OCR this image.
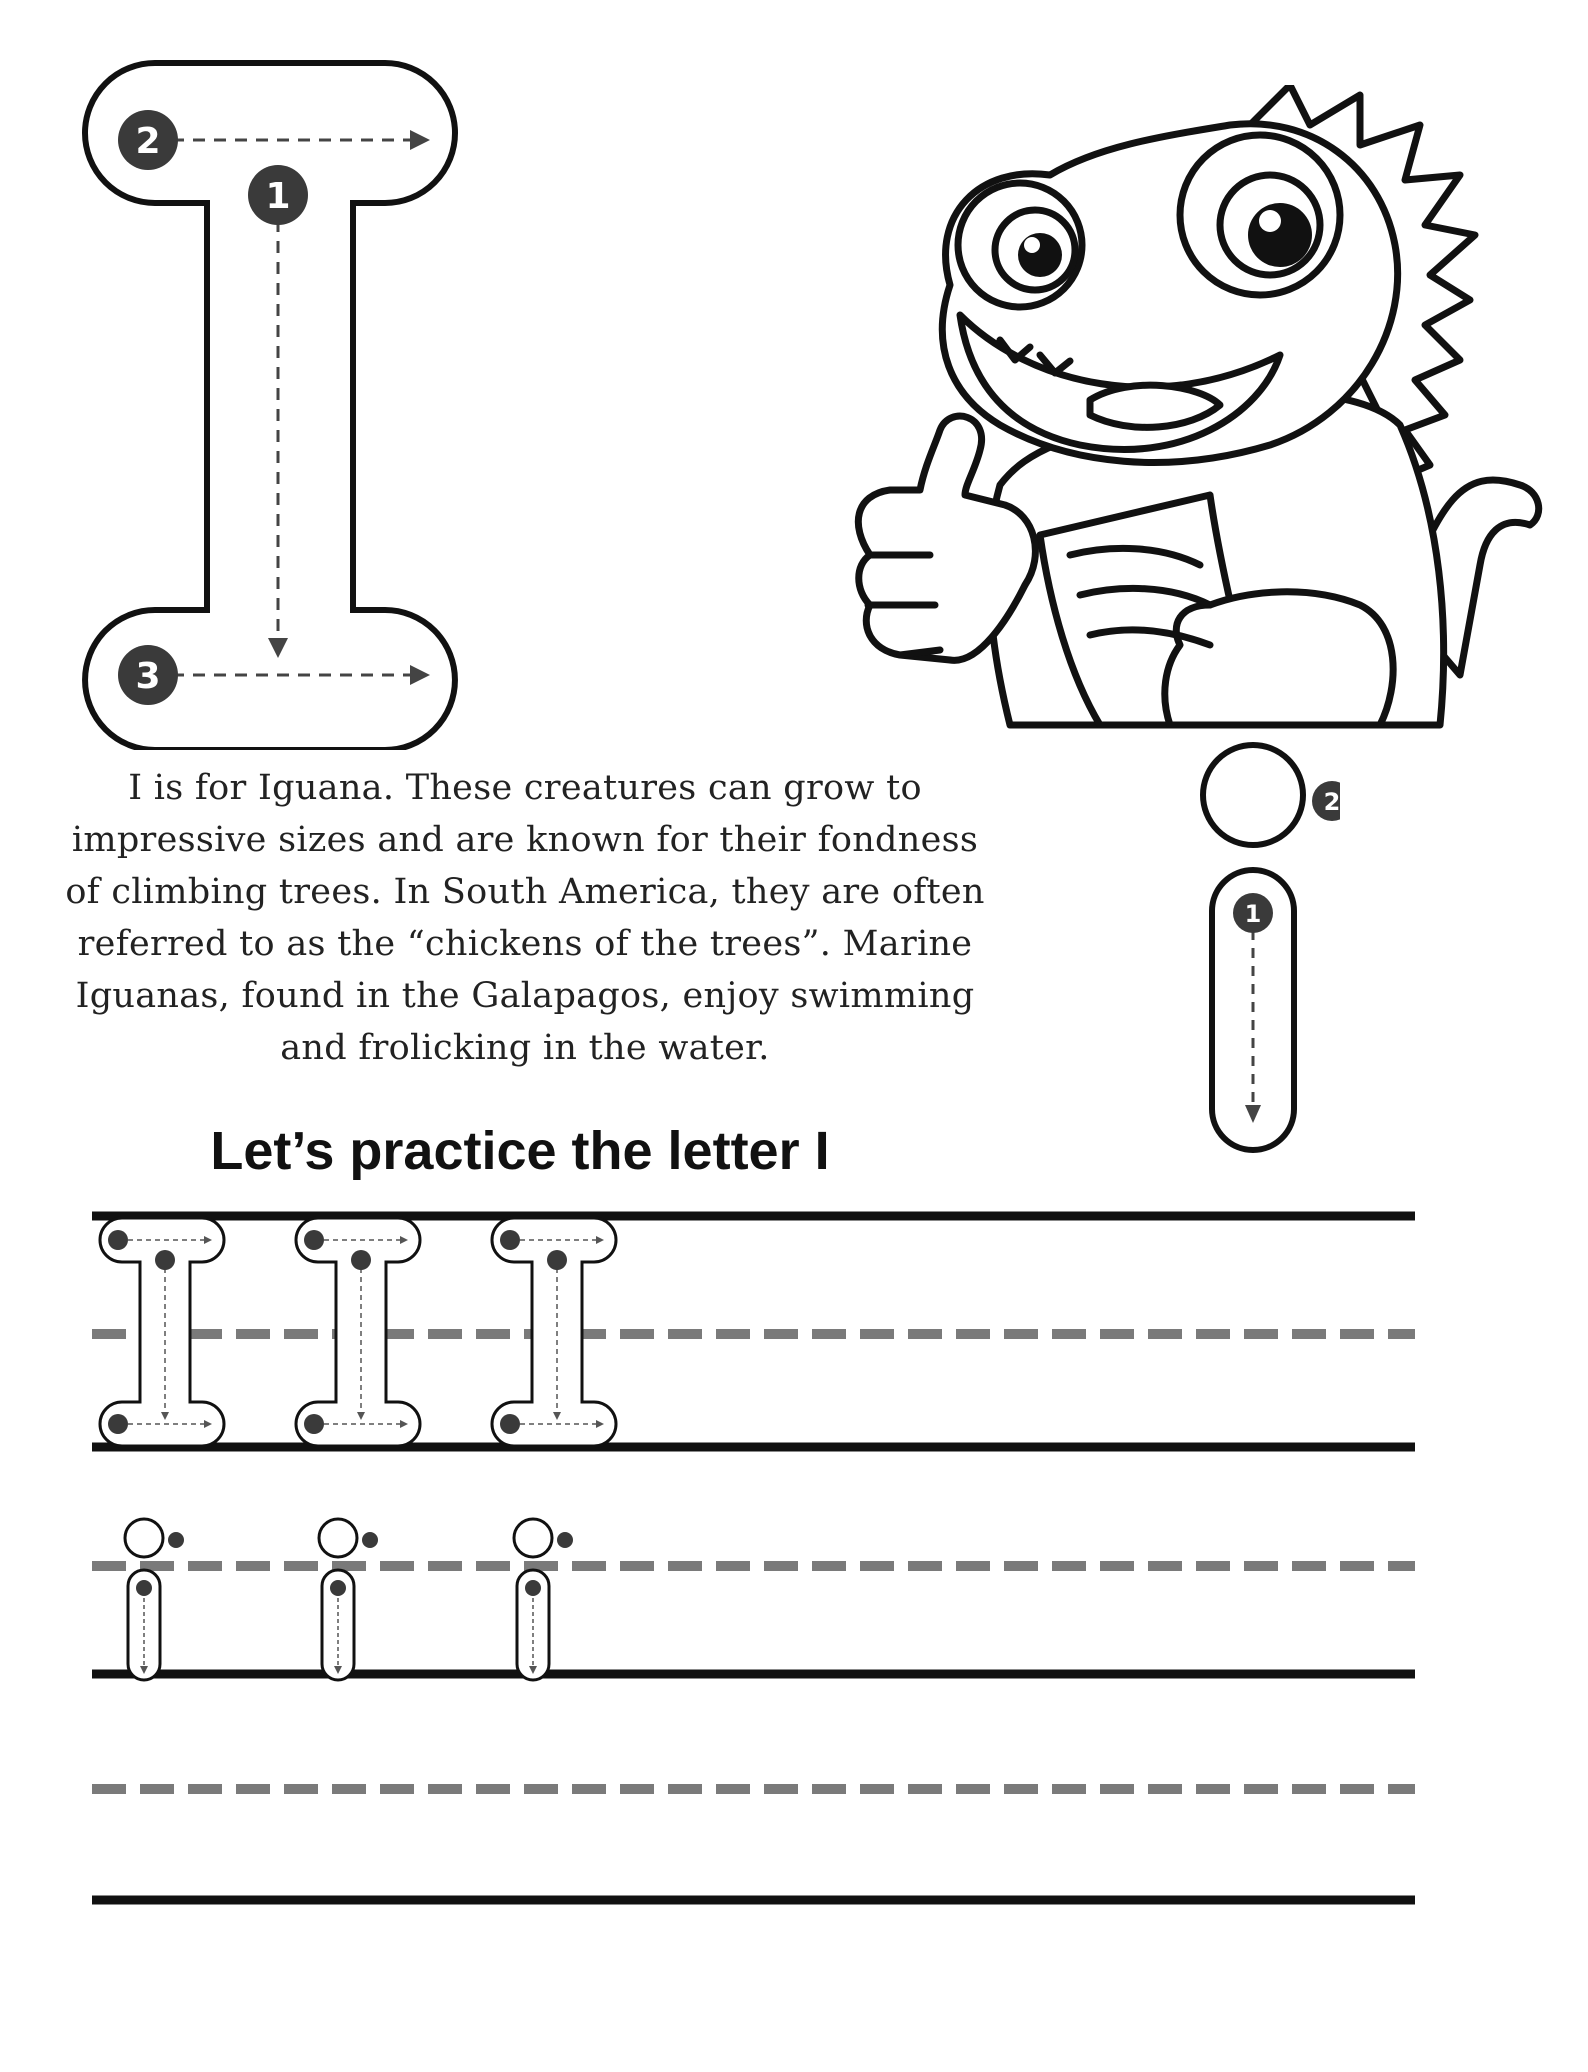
2
1
3
2
1
I is for Iguana. These creatures can grow to impressive sizes and are known for their fondness of climbing trees. In South America, they are often referred to as the “chickens of the trees”. Marine Iguanas, found in the Galapagos, enjoy swimming and frolicking in the water.
Let’s practice the letter I
